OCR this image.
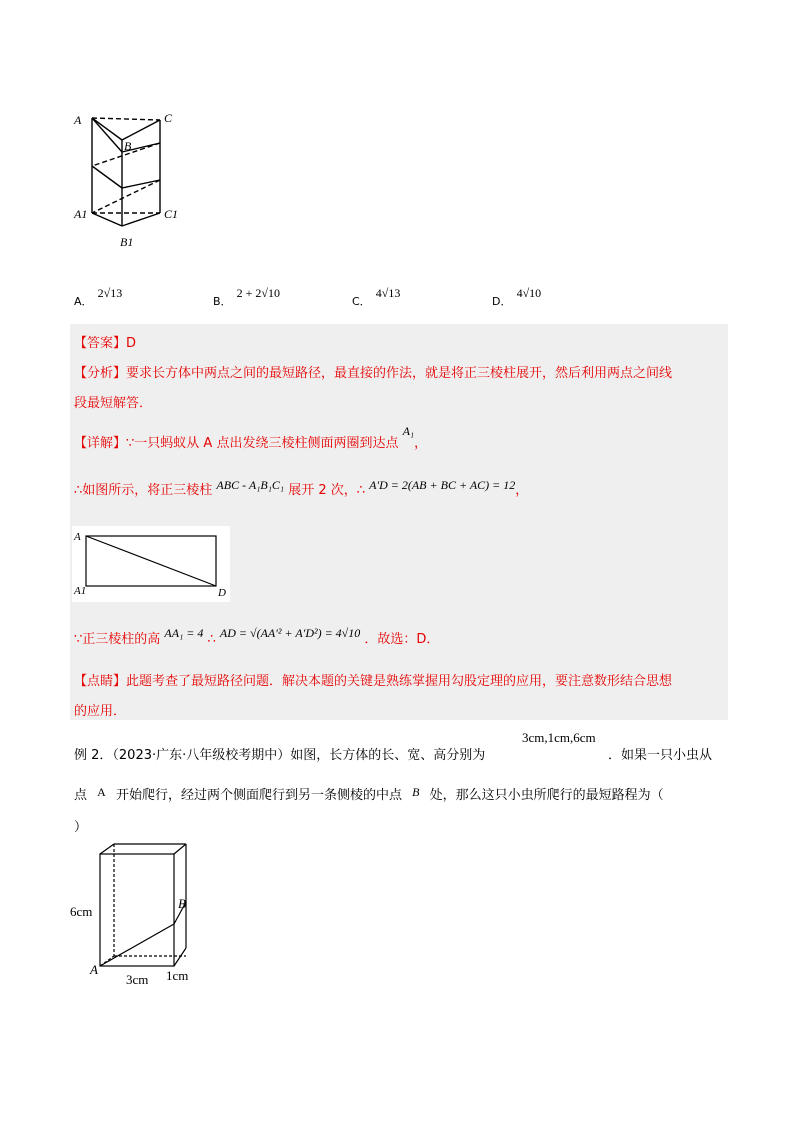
A	C
B
A1	C1
B1
$_{A.}$ 2√13
$_{B.}$ 2 + 2√10
$_{C.}$ 4√13
$_{D.}$ 4√10
【答案】D
【分析】要求长方体中两点之间的最短路径，最直接的作法，就是将正三棱柱展开，然后利用两点之间线
段最短解答．
【详解】∵一只蚂蚁从 A 点出发绕三棱柱侧面两圈到达点 A₁，
∴如图所示，将正三棱柱 ABC - A₁B₁C₁ 展开 2 次，∴ A′D = 2(AB + BC + AC) = 12，
A
A1	D
∵正三棱柱的高 AA₁ = 4 ∴ AD = √(AA′² + A′D²) = 4√10 ．故选：D．
【点睛】此题考查了最短路径问题．解决本题的关键是熟练掌握用勾股定理的应用，要注意数形结合思想
的应用．
例 2．（2023·广东·八年级校考期中）如图，长方体的长、宽、高分别为
3cm,1cm,6cm
．如果一只小虫从
点 A 开始爬行，经过两个侧面爬行到另一条侧棱的中点 B 处，那么这只小虫所爬行的最短路程为（
）
6cm
A
B
3cm 1cm
